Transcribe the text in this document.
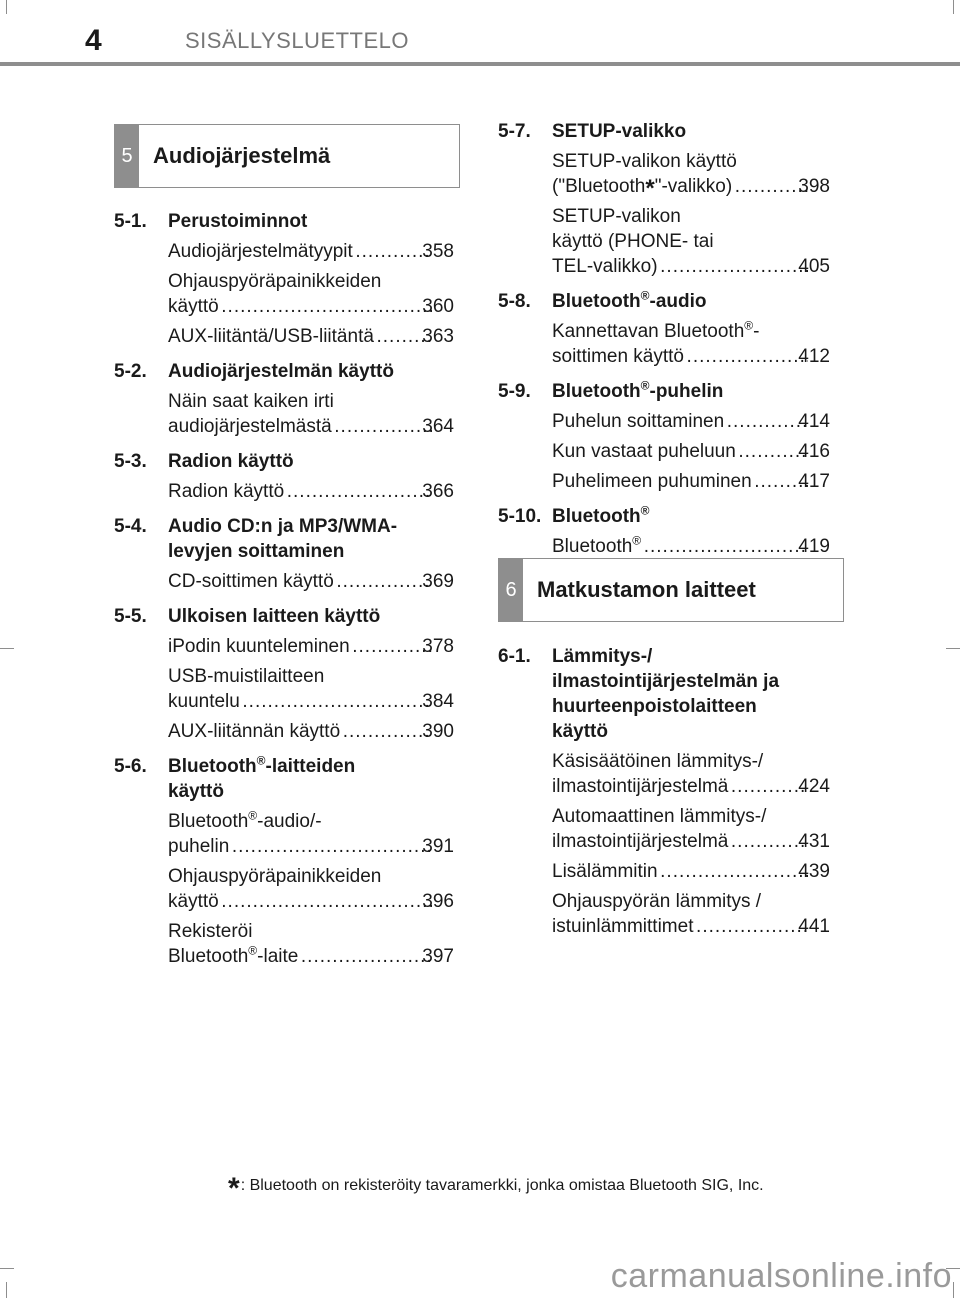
4	SISÄLLYSLUETTELO
5 Audiojärjestelmä
5-1. Perustoiminnot
Audiojärjestelmätyypit .....	358
Ohjauspyöräpainikkeiden
käyttö .....	360
AUX-liitäntä/USB-liitäntä .....	363
5-2. Audiojärjestelmän käyttö
Näin saat kaiken irti
audiojärjestelmästä .....	364
5-3. Radion käyttö
Radion käyttö .....	366
5-4. Audio CD:n ja MP3/WMA-
levyjen soittaminen
CD-soittimen käyttö .....	369
5-5. Ulkoisen laitteen käyttö
iPodin kuunteleminen .....	378
USB-muistilaitteen
kuuntelu .....	384
AUX-liitännän käyttö .....	390
5-6. Bluetooth®-laitteiden
käyttö
Bluetooth®-audio/-
puhelin .....	391
Ohjauspyöräpainikkeiden
käyttö .....	396
Rekisteröi
Bluetooth®-laite .....	397
5-7. SETUP-valikko
SETUP-valikon käyttö
("Bluetooth*"-valikko) .....	398
SETUP-valikon
käyttö (PHONE- tai
TEL-valikko) .....	405
5-8. Bluetooth®-audio
Kannettavan Bluetooth®-
soittimen käyttö .....	412
5-9. Bluetooth®-puhelin
Puhelun soittaminen .....	414
Kun vastaat puheluun .....	416
Puhelimeen puhuminen ..... 417
5-10. Bluetooth®
Bluetooth® .....	419
6 Matkustamon laitteet
6-1. Lämmitys-/
ilmastointijärjestelmän ja
huurteenpoistolaitteen
käyttö
Käsisäätöinen lämmitys-/
ilmastointijärjestelmä .....	424
Automaattinen lämmitys-/
ilmastointijärjestelmä .....	431
Lisälämmitin .....	439
Ohjauspyörän lämmitys /
istuinlämmittimet .....	441
*: Bluetooth on rekisteröity tavaramerkki, jonka omistaa Bluetooth SIG, Inc.
carmanualsonline.info
